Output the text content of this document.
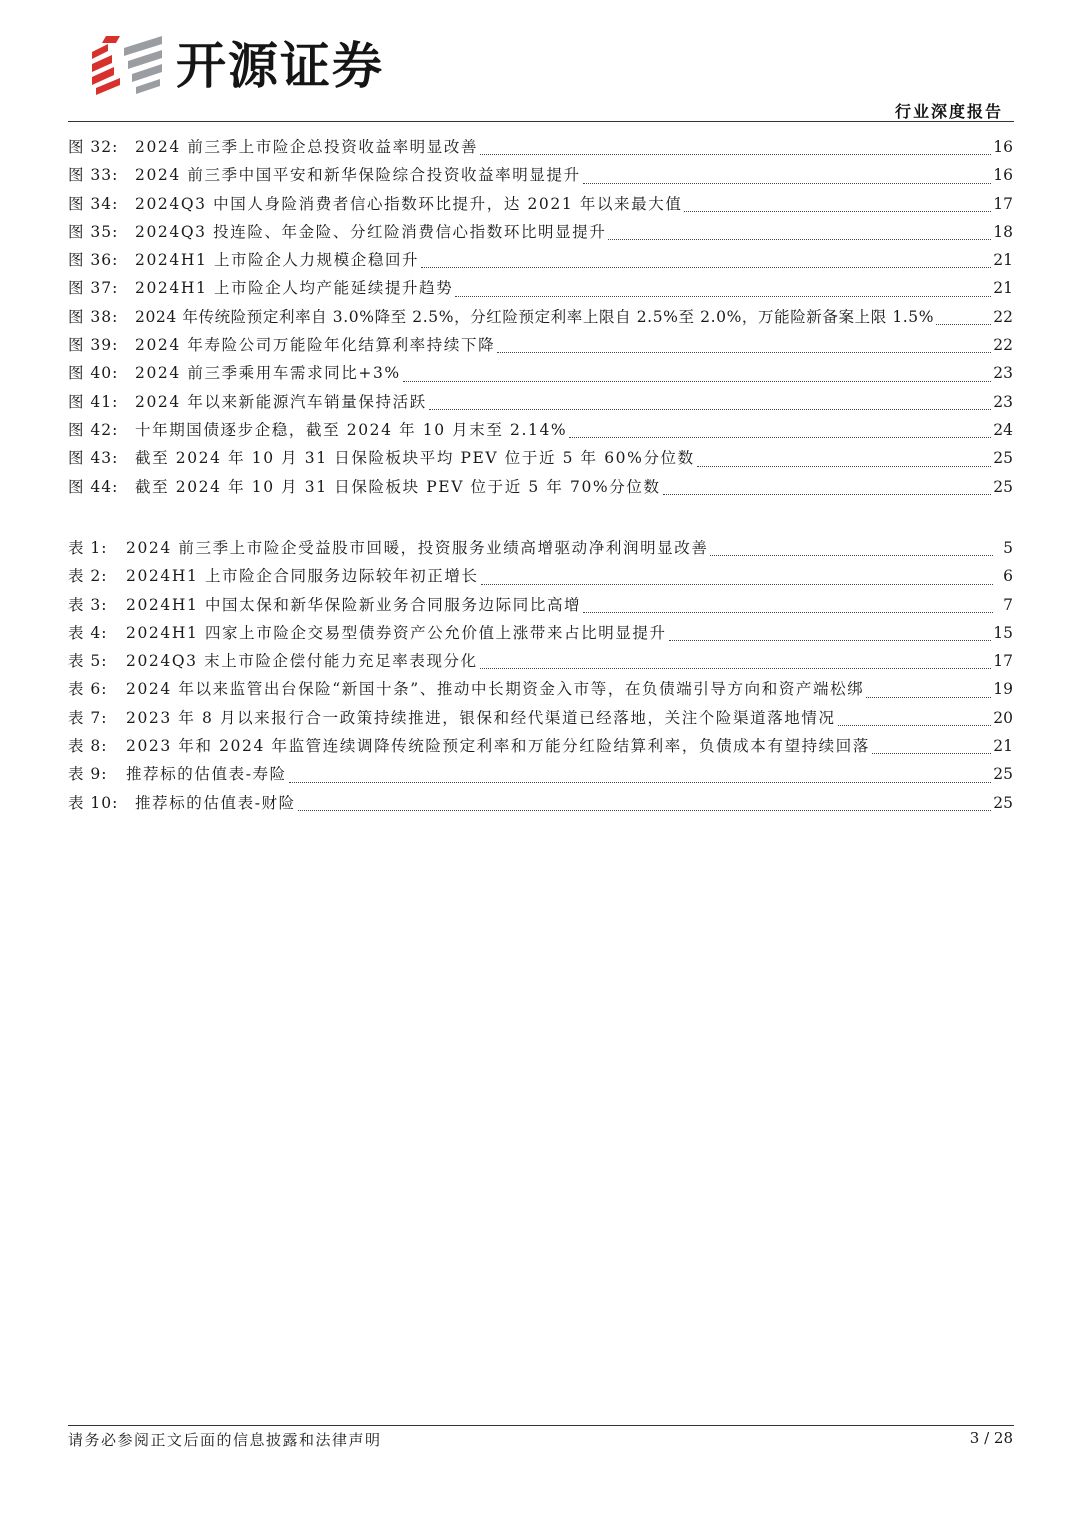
开源证券
行业深度报告
图 32:	2024 前三季上市险企总投资收益率明显改善	16
图 33:	2024 前三季中国平安和新华保险综合投资收益率明显提升	16
图 34:	2024Q3 中国人身险消费者信心指数环比提升，达 2021 年以来最大值	17
图 35:	2024Q3 投连险、年金险、分红险消费信心指数环比明显提升	18
图 36:	2024H1 上市险企人力规模企稳回升	21
图 37:	2024H1 上市险企人均产能延续提升趋势	21
图 38:	2024 年传统险预定利率自 3.0%降至 2.5%，分红险预定利率上限自 2.5%至 2.0%，万能险新备案上限 1.5%	22
图 39:	2024 年寿险公司万能险年化结算利率持续下降	22
图 40:	2024 前三季乘用车需求同比+3%	23
图 41:	2024 年以来新能源汽车销量保持活跃	23
图 42:	十年期国债逐步企稳，截至 2024 年 10 月末至 2.14%	24
图 43:	截至 2024 年 10 月 31 日保险板块平均 PEV 位于近 5 年 60%分位数	25
图 44:	截至 2024 年 10 月 31 日保险板块 PEV 位于近 5 年 70%分位数	25
表 1:	2024 前三季上市险企受益股市回暖，投资服务业绩高增驱动净利润明显改善	5
表 2:	2024H1 上市险企合同服务边际较年初正增长	6
表 3:	2024H1 中国太保和新华保险新业务合同服务边际同比高增	7
表 4:	2024H1 四家上市险企交易型债券资产公允价值上涨带来占比明显提升	15
表 5:	2024Q3 末上市险企偿付能力充足率表现分化	17
表 6:	2024 年以来监管出台保险“新国十条”、推动中长期资金入市等，在负债端引导方向和资产端松绑	19
表 7:	2023 年 8 月以来报行合一政策持续推进，银保和经代渠道已经落地，关注个险渠道落地情况	20
表 8:	2023 年和 2024 年监管连续调降传统险预定利率和万能分红险结算利率，负债成本有望持续回落	21
表 9:	推荐标的估值表-寿险	25
表 10:	推荐标的估值表-财险	25
请务必参阅正文后面的信息披露和法律声明	3 / 28
